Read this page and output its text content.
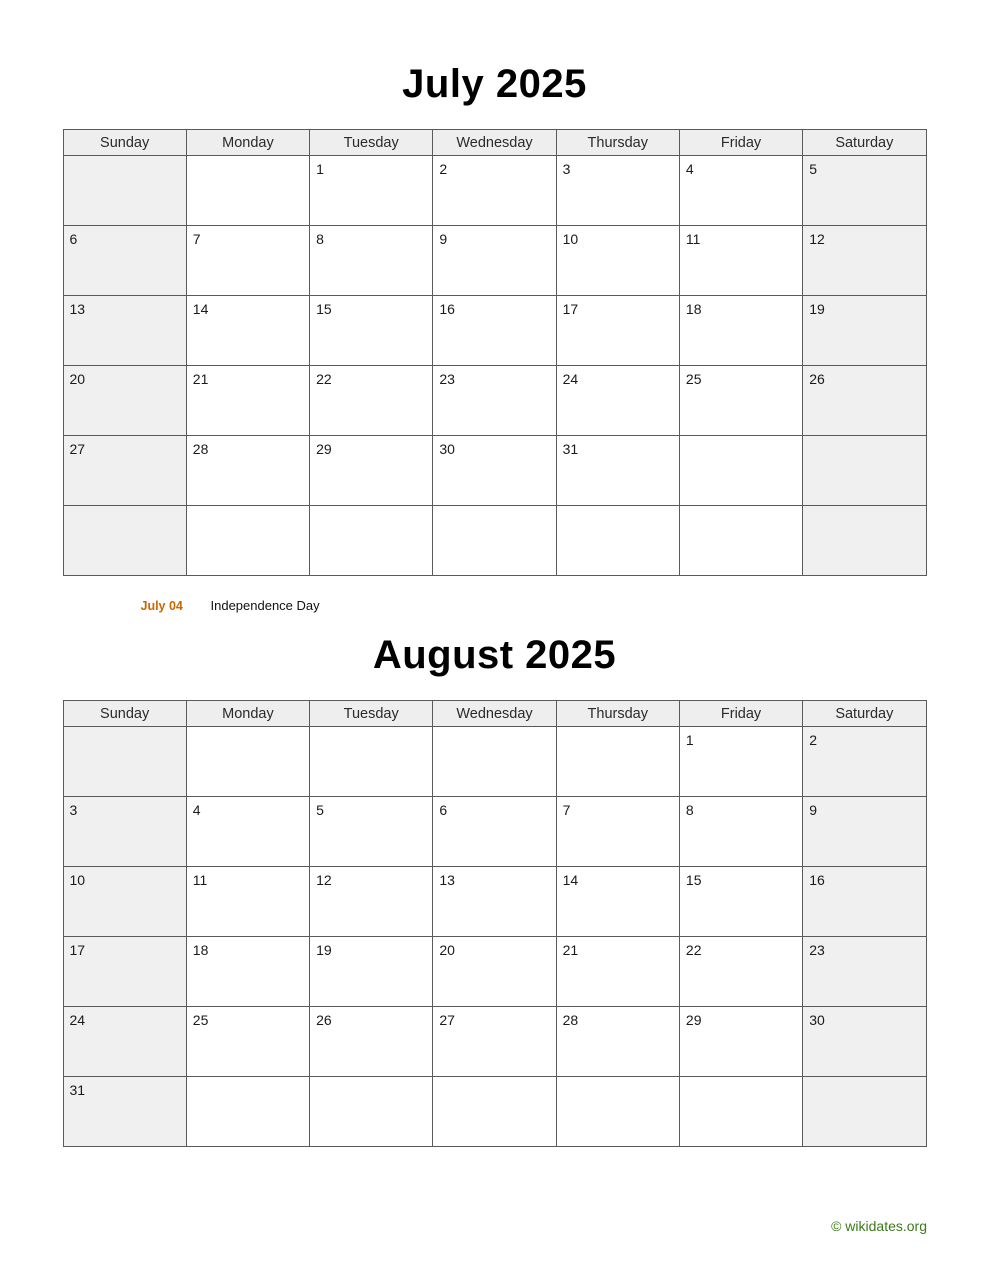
July 2025
Sunday	Monday	Tuesday	Wednesday	Thursday	Friday	Saturday

		1	2	3	4	5

6	7	8	9	10	11	12

13	14	15	16	17	18	19

20	21	22	23	24	25	26

27	28	29	30	31		

July 04	Independence Day
August 2025
Sunday	Monday	Tuesday	Wednesday	Thursday	Friday	Saturday

					1	2

3	4	5	6	7	8	9

10	11	12	13	14	15	16

17	18	19	20	21	22	23

24	25	26	27	28	29	30

31						

© wikidates.org
